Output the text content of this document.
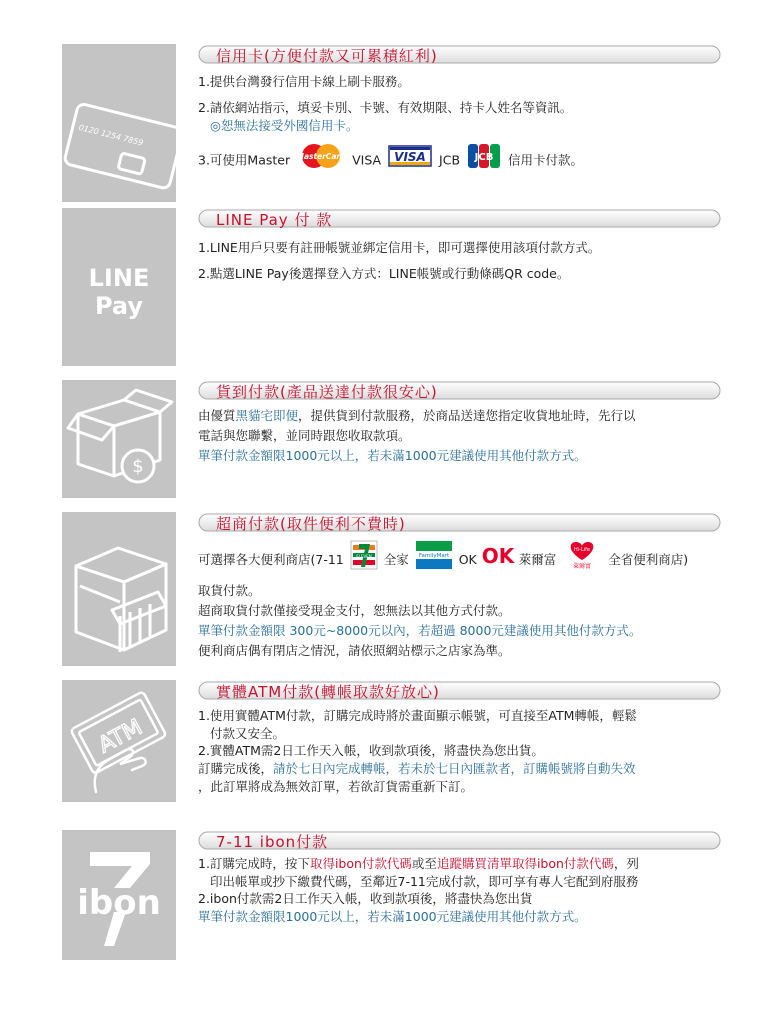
0120 1254 7859
信用卡(方便付款又可累積紅利)
1.提供台灣發行信用卡線上刷卡服務。
2.請依網站指示，填妥卡別、卡號、有效期限、持卡人姓名等資訊。
◎恕無法接受外國信用卡。
3.可使用Master MasterCard VISA VISA JCB JCB 信用卡付款。
LINE
Pay
LINE Pay 付 款
1.LINE用戶只要有註冊帳號並綁定信用卡，即可選擇使用該項付款方式。
2.點選LINE Pay後選擇登入方式：LINE帳號或行動條碼QR code。
$
貨到付款(產品送達付款很安心)
由優質黑貓宅即便，提供貨到付款服務，於商品送達您指定收貨地址時，先行以
電話與您聯繫，並同時跟您收取款項。
單筆付款金額限1000元以上，若未滿1000元建議使用其他付款方式。
超商付款(取件便利不費時)
可選擇各大便利商店(7-11	ELEVEN 全家 FamilyMart OK OK 萊爾富
Hi-Life
萊爾富 全省便利商店)
取貨付款。
超商取貨付款僅接受現金支付，恕無法以其他方式付款。
單筆付款金額限 300元~8000元以內，若超過 8000元建議使用其他付款方式。
便利商店偶有閉店之情況，請依照網站標示之店家為準。
ATM
實體ATM付款(轉帳取款好放心)
1.使用實體ATM付款，訂購完成時將於畫面顯示帳號，可直接至ATM轉帳，輕鬆
付款又安全。
2.實體ATM需2日工作天入帳，收到款項後，將盡快為您出貨。
訂購完成後，請於七日內完成轉帳，若未於七日內匯款者，訂購帳號將自動失效
，此訂單將成為無效訂單，若欲訂貨需重新下訂。
ibon
7-11 ibon付款
1.訂購完成時，按下取得ibon付款代碼或至追蹤購買清單取得ibon付款代碼，列
印出帳單或抄下繳費代碼，至鄰近7-11完成付款，即可享有專人宅配到府服務
2.ibon付款需2日工作天入帳，收到款項後，將盡快為您出貨
單筆付款金額限1000元以上，若未滿1000元建議使用其他付款方式。
